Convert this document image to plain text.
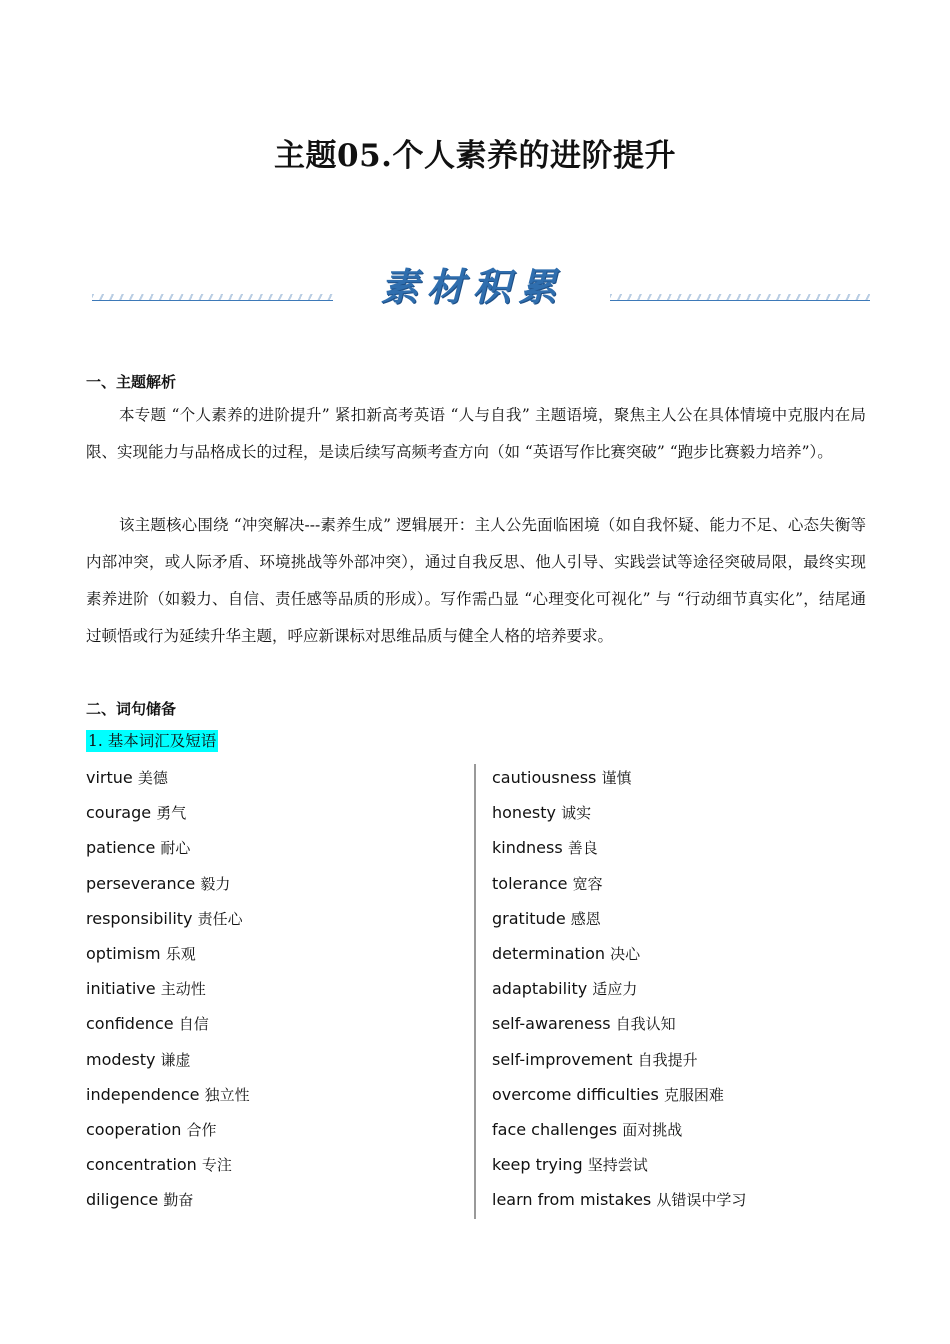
主题05.个人素养的进阶提升
素材积累
一、主题解析
本专题 “个人素养的进阶提升” 紧扣新高考英语 “人与自我” 主题语境，聚焦主人公在具体情境中克服内在局限、实现能力与品格成长的过程，是读后续写高频考查方向（如 “英语写作比赛突破” “跑步比赛毅力培养”）。
该主题核心围绕 “冲突解决---素养生成” 逻辑展开：主人公先面临困境（如自我怀疑、能力不足、心态失衡等内部冲突，或人际矛盾、环境挑战等外部冲突），通过自我反思、他人引导、实践尝试等途径突破局限，最终实现素养进阶（如毅力、自信、责任感等品质的形成）。写作需凸显 “心理变化可视化” 与 “行动细节真实化”，结尾通过顿悟或行为延续升华主题，呼应新课标对思维品质与健全人格的培养要求。
二、词句储备
1. 基本词汇及短语
virtue 美德
courage 勇气
patience 耐心
perseverance 毅力
responsibility 责任心
optimism 乐观
initiative 主动性
confidence 自信
modesty 谦虚
independence 独立性
cooperation 合作
concentration 专注
diligence 勤奋
cautiousness 谨慎
honesty 诚实
kindness 善良
tolerance 宽容
gratitude 感恩
determination 决心
adaptability 适应力
self-awareness 自我认知
self-improvement 自我提升
overcome difficulties 克服困难
face challenges 面对挑战
keep trying 坚持尝试
learn from mistakes 从错误中学习
